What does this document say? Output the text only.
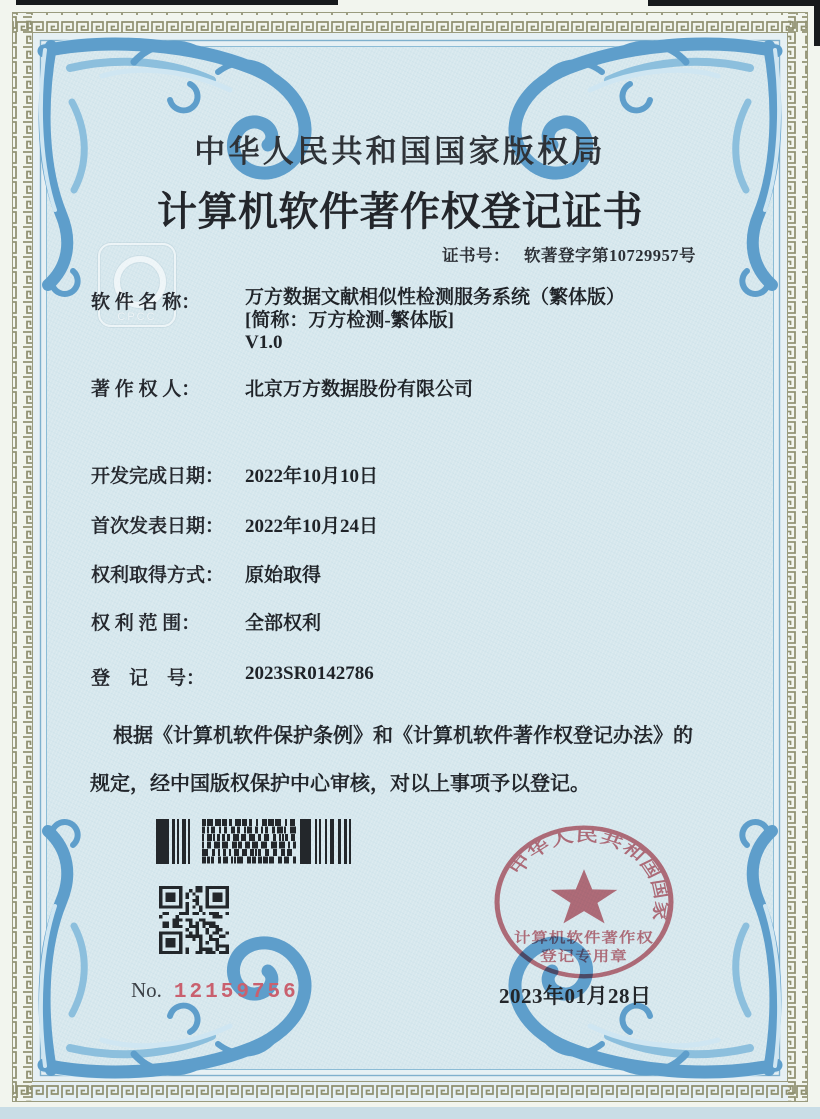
CPCC
中华人民共和国国家版权局
计算机软件著作权登记证书
证书号： 软著登字第10729957号
软 件 名 称： 万方数据文献相似性检测服务系统（繁体版）
[简称：万方检测-繁体版]
V1.0
著 作 权 人： 北京万方数据股份有限公司
开发完成日期： 2022年10月10日
首次发表日期： 2022年10月24日
权利取得方式： 原始取得
权 利 范 围： 全部权利
登　记　号： 2023SR0142786
根据《计算机软件保护条例》和《计算机软件著作权登记办法》的
规定，经中国版权保护中心审核，对以上事项予以登记。
No. 12159756	2023年01月28日
中华人民共和国国家
计算机软件著作权
登记专用章
